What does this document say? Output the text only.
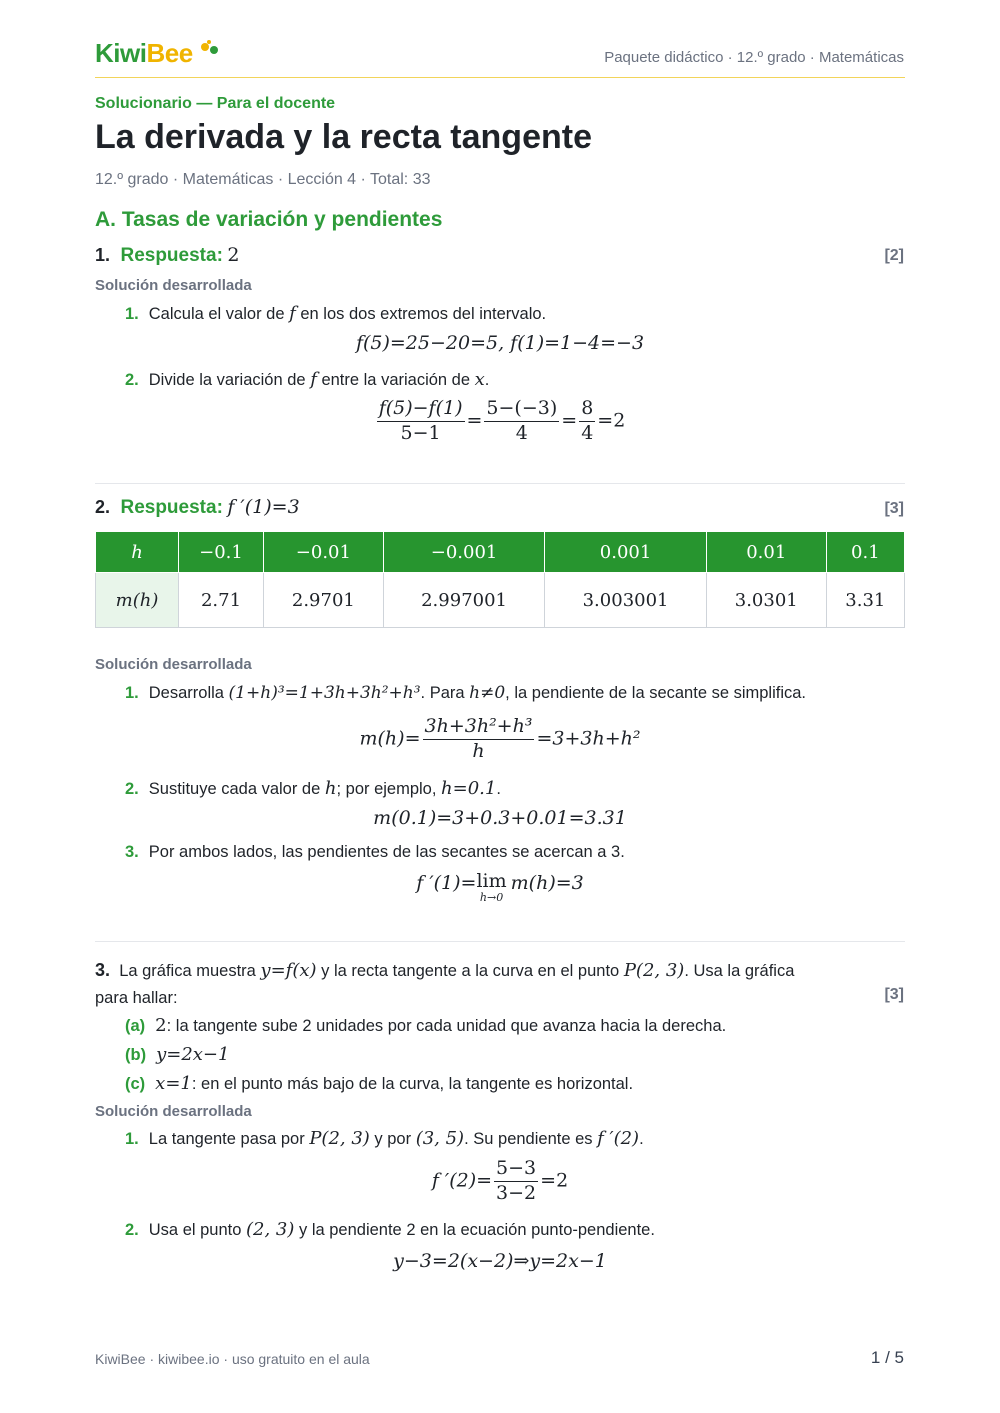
KiwiBee	Paquete didáctico · 12.º grado · Matemáticas
Solucionario — Para el docente
La derivada y la recta tangente
12.º grado · Matemáticas · Lección 4 · Total: 33
A. Tasas de variación y pendientes
1. Respuesta: 2	[2]
Solución desarrollada
1. Calcula el valor de f en los dos extremos del intervalo.
f(5)=25−20=5, f(1)=1−4=−3
2. Divide la variación de f entre la variación de x.
$\frac{f(5)-f(1)}{5-1} = \frac{5-(-3)}{4} = \frac{8}{4} =2$
2. Respuesta: f ′(1)=3	[3]
h	−0.1	−0.01	−0.001	0.001	0.01	0.1
m(h)	2.71	2.9701	2.997001	3.003001	3.0301	3.31
Solución desarrollada
1. Desarrolla (1+h)³=1+3h+3h²+h³. Para h≠0, la pendiente de la secante se simplifica.
$m(h)= \frac{\text{3h+3h²+h³}}{h} =3+3h+h^2$
2. Sustituye cada valor de h; por ejemplo, h=0.1.
m(0.1)=3+0.3+0.01=3.31
3. Por ambos lados, las pendientes de las secantes se acercan a 3.
f ′(1)= lim
h→0
m(h)=3
3. La gráfica muestra y=f(x) y la recta tangente a la curva en el punto P(2, 3). Usa la gráfica
para hallar:	[3]
(a) 2: la tangente sube 2 unidades por cada unidad que avanza hacia la derecha.
(b) y=2x−1
(c) x=1: en el punto más bajo de la curva, la tangente es horizontal.
Solución desarrollada
1. La tangente pasa por P(2, 3) y por (3, 5). Su pendiente es f ′(2).
f $'(2)= \frac{5-3}{3-2} =2$
2. Usa el punto (2, 3) y la pendiente 2 en la ecuación punto-pendiente.
y−3=2(x−2)⇒y=2x−1
KiwiBee · kiwibee.io · uso gratuito en el aula	1 / 5
